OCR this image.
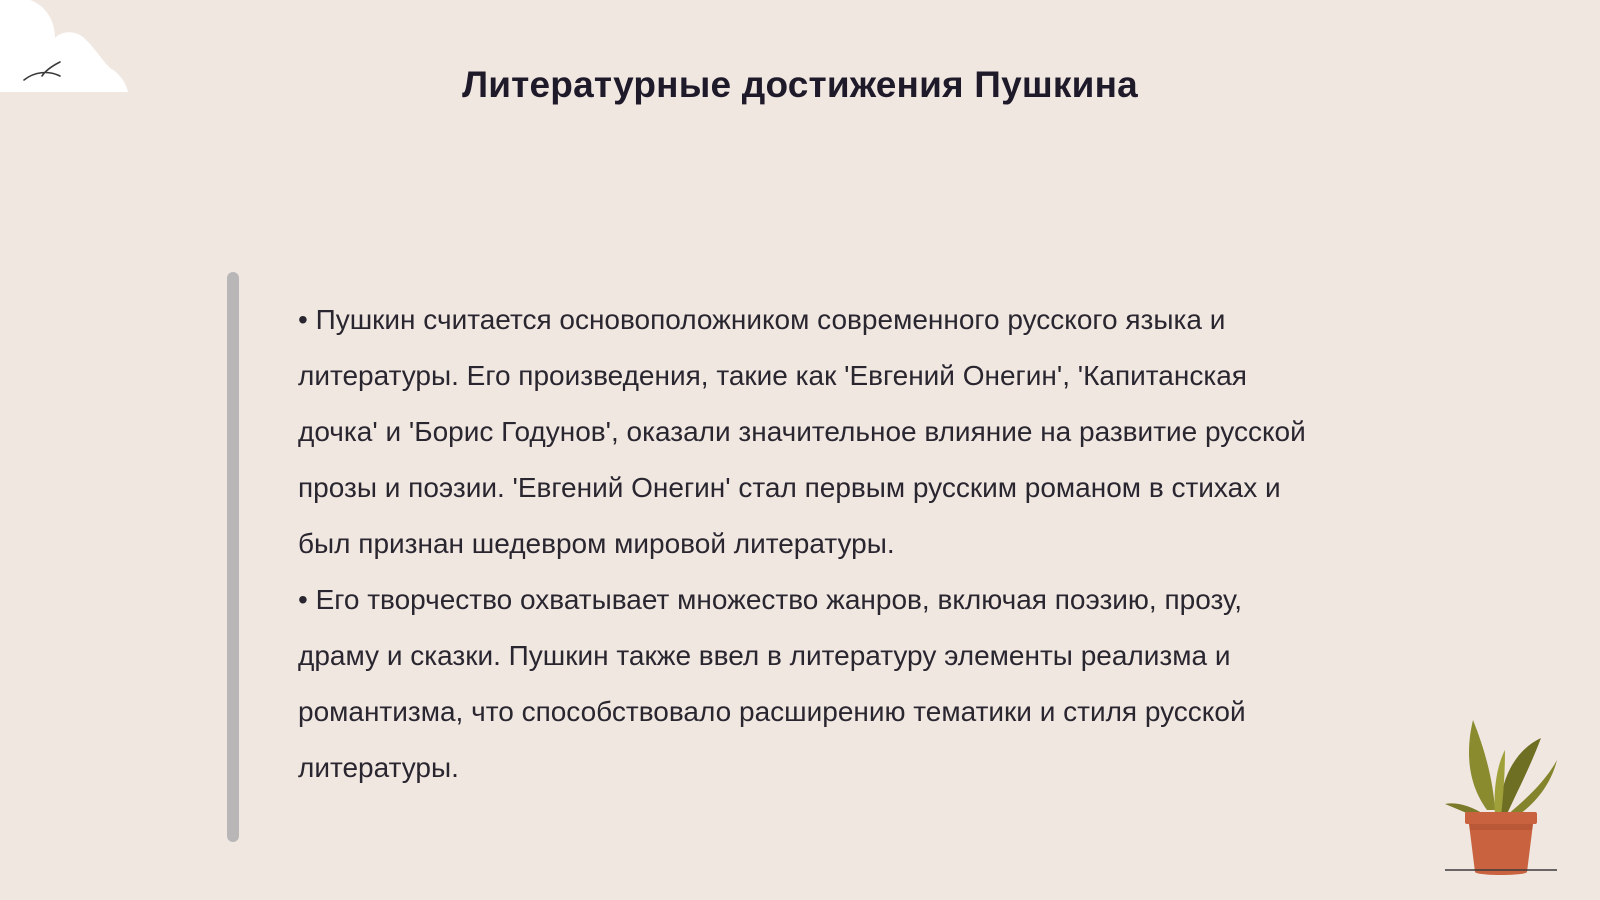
Литературные достижения Пушкина

• Пушкин считается основоположником современного русского языка и литературы. Его произведения, такие как 'Евгений Онегин', 'Капитанская дочка' и 'Борис Годунов', оказали значительное влияние на развитие русской прозы и поэзии. 'Евгений Онегин' стал первым русским романом в стихах и был признан шедевром мировой литературы.

• Его творчество охватывает множество жанров, включая поэзию, прозу, драму и сказки. Пушкин также ввел в литературу элементы реализма и романтизма, что способствовало расширению тематики и стиля русской литературы.
